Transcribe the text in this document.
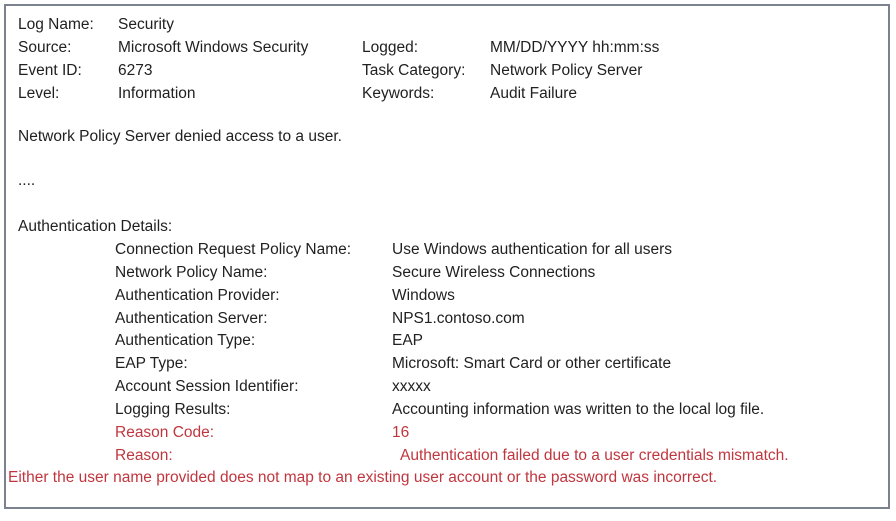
Log Name: Security
Source:	Microsoft Windows Security	Logged:	MM/DD/YYYY hh:mm:ss
Event ID: 6273	Task Category: Network Policy Server
Level:	Information	Keywords:	Audit Failure
Network Policy Server denied access to a user.
....
Authentication Details:
Connection Request Policy Name:	Use Windows authentication for all users
Network Policy Name:	Secure Wireless Connections
Authentication Provider:	Windows
Authentication Server:	NPS1.contoso.com
Authentication Type:	EAP
EAP Type:	Microsoft: Smart Card or other certificate
Account Session Identifier:	xxxxx
Logging Results:	Accounting information was written to the local log file.
Reason Code:	16
Reason:	Authentication failed due to a user credentials mismatch.
Either the user name provided does not map to an existing user account or the password was incorrect.
